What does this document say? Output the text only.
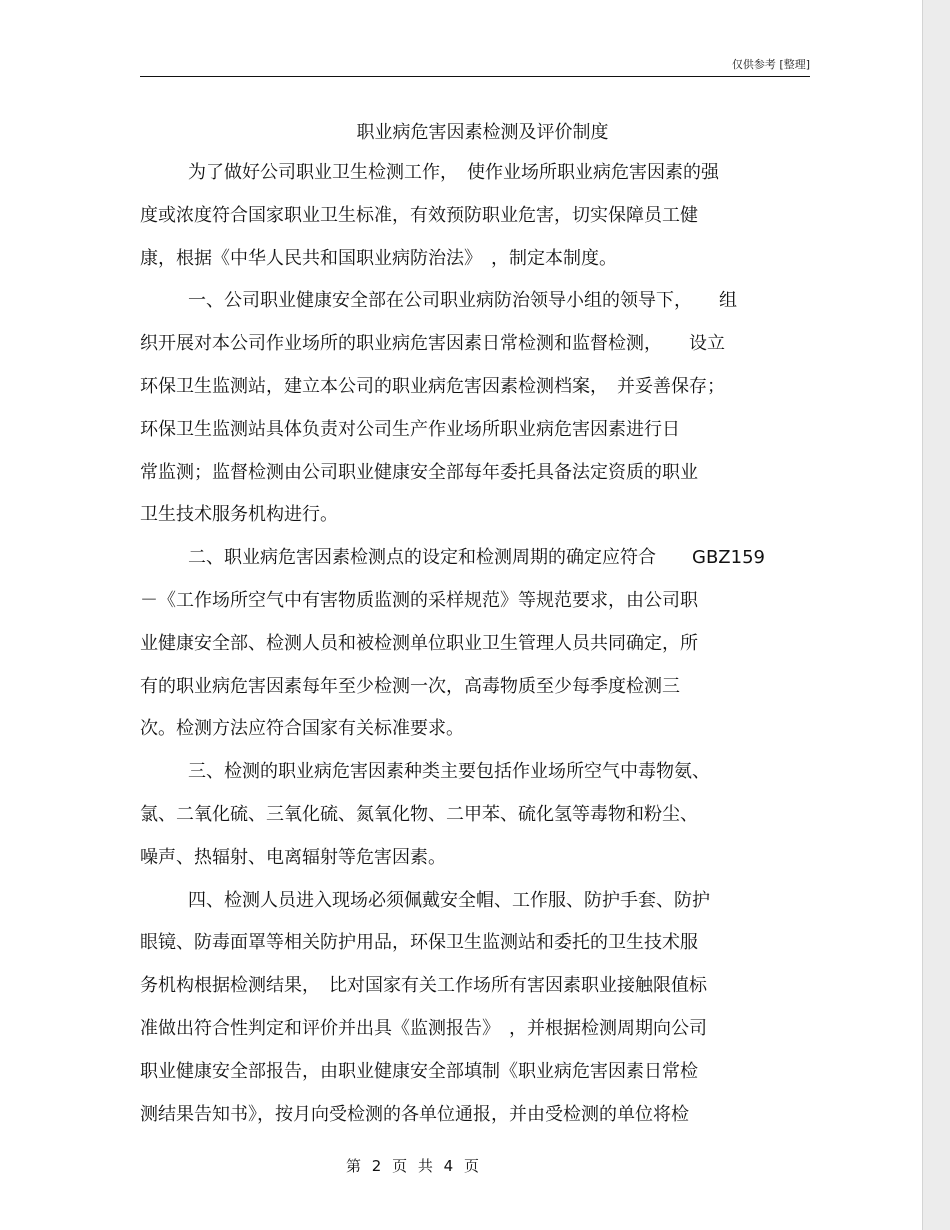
仅供参考 [整理]
职业病危害因素检测及评价制度
为了做好公司职业卫生检测工作，　使作业场所职业病危害因素的强
度或浓度符合国家职业卫生标准，有效预防职业危害，切实保障员工健
康，根据《中华人民共和国职业病防治法》　，制定本制度。
一、公司职业健康安全部在公司职业病防治领导小组的领导下，　　组
织开展对本公司作业场所的职业病危害因素日常检测和监督检测，　　设立
环保卫生监测站，建立本公司的职业病危害因素检测档案，　并妥善保存；
环保卫生监测站具体负责对公司生产作业场所职业病危害因素进行日
常监测；监督检测由公司职业健康安全部每年委托具备法定资质的职业
卫生技术服务机构进行。
二、职业病危害因素检测点的设定和检测周期的确定应符合　　GBZ159
－《工作场所空气中有害物质监测的采样规范》等规范要求，由公司职
业健康安全部、检测人员和被检测单位职业卫生管理人员共同确定，所
有的职业病危害因素每年至少检测一次，高毒物质至少每季度检测三
次。检测方法应符合国家有关标准要求。
三、检测的职业病危害因素种类主要包括作业场所空气中毒物氨、
氯、二氧化硫、三氧化硫、氮氧化物、二甲苯、硫化氢等毒物和粉尘、
噪声、热辐射、电离辐射等危害因素。
四、检测人员进入现场必须佩戴安全帽、工作服、防护手套、防护
眼镜、防毒面罩等相关防护用品，环保卫生监测站和委托的卫生技术服
务机构根据检测结果，　比对国家有关工作场所有害因素职业接触限值标
准做出符合性判定和评价并出具《监测报告》　，并根据检测周期向公司
职业健康安全部报告，由职业健康安全部填制《职业病危害因素日常检
测结果告知书》，按月向受检测的各单位通报，并由受检测的单位将检
第 2 页 共 4 页
